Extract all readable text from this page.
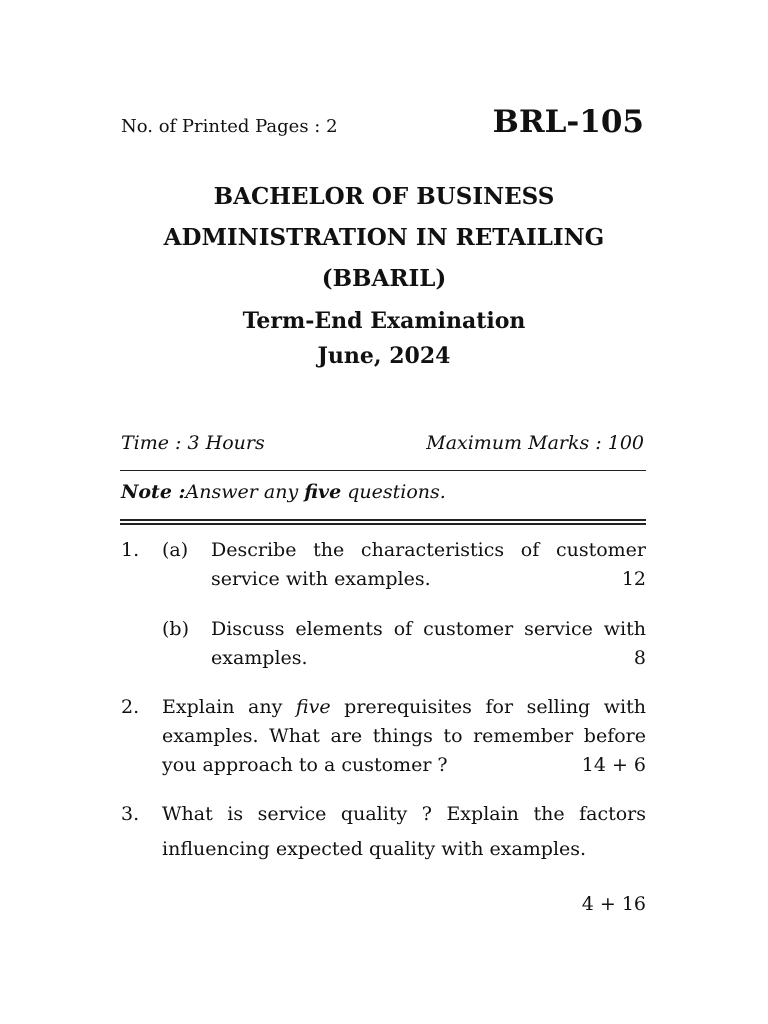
No. of Printed Pages : 2	BRL-105
BACHELOR OF BUSINESS
ADMINISTRATION IN RETAILING
(BBARIL)
Term-End Examination
June, 2024
Time : 3 Hours	Maximum Marks : 100
Note :Answer any five questions.
1. (a) Describe the characteristics of customer
service with examples.	12
(b) Discuss elements of customer service with
examples.	8
2. Explain any five prerequisites for selling with
examples. What are things to remember before
you approach to a customer ?	14 + 6
3. What is service quality ? Explain the factors
influencing expected quality with examples.
4 + 16
